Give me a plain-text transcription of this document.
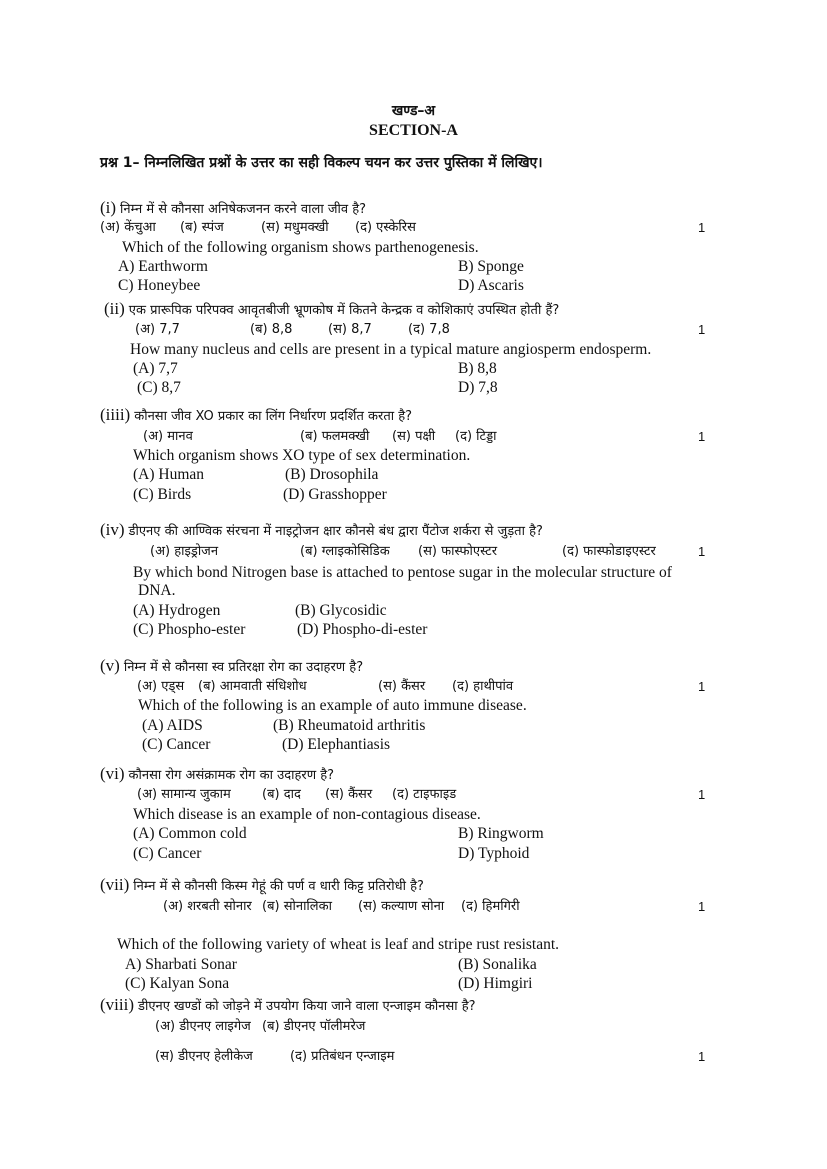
खण्ड–अ
SECTION-A
प्रश्न 1– निम्नलिखित प्रश्नों के उत्तर का सही विकल्प चयन कर उत्तर पुस्तिका में लिखिए।
(i) निम्न में से कौनसा अनिषेकजनन करने वाला जीव है?
(अ) केंचुआ (ब) स्पंज	(स) मधुमक्खी (द) एस्केरिस	1
Which of the following organism shows parthenogenesis.
A) Earthworm	B) Sponge
C) Honeybee	D) Ascaris
(ii) एक प्रारूपिक परिपक्व आवृतबीजी भ्रूणकोष में कितने केन्द्रक व कोशिकाएं उपस्थित होती हैं?
(अ) 7,7	(ब) 8,8	(स) 8,7	(द) 7,8	1
How many nucleus and cells are present in a typical mature angiosperm endosperm.
(A) 7,7	B) 8,8
(C) 8,7	D) 7,8
(iiii) कौनसा जीव XO प्रकार का लिंग निर्धारण प्रदर्शित करता है?
(अ) मानव	(ब) फलमक्खी (स) पक्षी (द) टिड्डा	1
Which organism shows XO type of sex determination.
(A) Human	(B) Drosophila
(C) Birds	(D) Grasshopper
(iv) डीएनए की आण्विक संरचना में नाइट्रोजन क्षार कौनसे बंध द्वारा पैंटोज शर्करा से जुड़ता है?
(अ) हाइड्रोजन	(ब) ग्लाइकोसिडिक (स) फास्फोएस्टर	(द) फास्फोडाइएस्टर	1
By which bond Nitrogen base is attached to pentose sugar in the molecular structure of
DNA.
(A) Hydrogen	(B) Glycosidic
(C) Phospho-ester	(D) Phospho-di-ester
(v) निम्न में से कौनसा स्व प्रतिरक्षा रोग का उदाहरण है?
(अ) एड्स (ब) आमवाती संधिशोध	(स) कैंसर (द) हाथीपांव	1
Which of the following is an example of auto immune disease.
(A) AIDS	(B) Rheumatoid arthritis
(C) Cancer	(D) Elephantiasis
(vi) कौनसा रोग असंक्रामक रोग का उदाहरण है?
(अ) सामान्य जुकाम (ब) दाद (स) कैंसर (द) टाइफाइड	1
Which disease is an example of non-contagious disease.
(A) Common cold	B) Ringworm
(C) Cancer	D) Typhoid
(vii) निम्न में से कौनसी किस्म गेहूं की पर्ण व धारी किट्ट प्रतिरोधी है?
(अ) शरबती सोनार (ब) सोनालिका (स) कल्याण सोना (द) हिमगिरी	1
Which of the following variety of wheat is leaf and stripe rust resistant.
A) Sharbati Sonar	(B) Sonalika
(C) Kalyan Sona	(D) Himgiri
(viii) डीएनए खण्डों को जोड़ने में उपयोग किया जाने वाला एन्जाइम कौनसा है?
(अ) डीएनए लाइगेज (ब) डीएनए पॉलीमरेज
(स) डीएनए हेलीकेज	(द) प्रतिबंधन एन्जाइम	1
